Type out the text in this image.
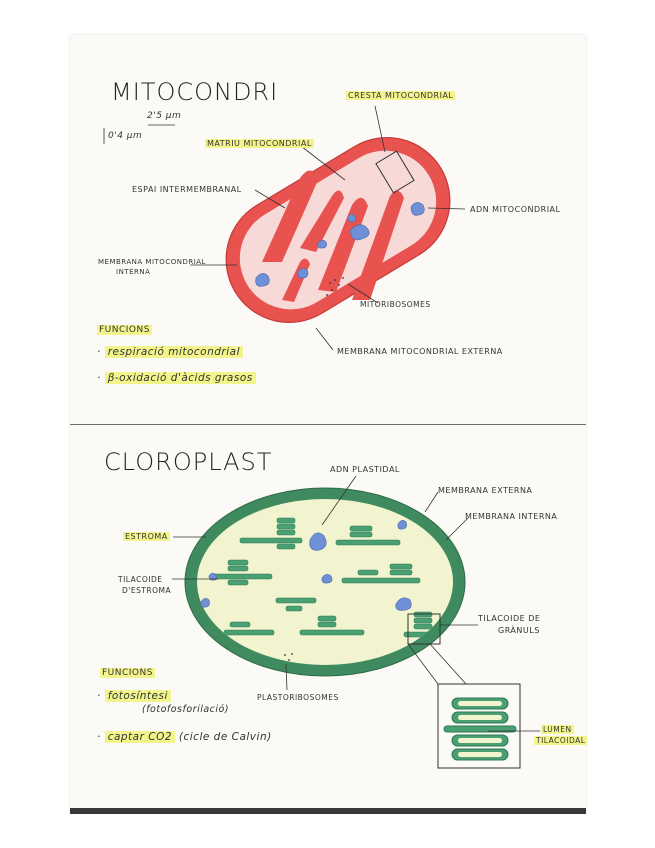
MITOCONDRI
2'5 µm
0'4 µm
CRESTA MITOCONDRIAL
MATRIU MITOCONDRIAL
ESPAI INTERMEMBRANAL
ADN MITOCONDRIAL
MEMBRANA MITOCONDRIAL
INTERNA
MITORIBOSOMES
MEMBRANA MITOCONDRIAL EXTERNA
FUNCIONS
· respiració mitocondrial
· β-oxidació d'àcids grasos
CLOROPLAST	ADN PLASTIDAL
MEMBRANA EXTERNA
MEMBRANA INTERNA
ESTROMA
TILACOIDE
D'ESTROMA
TILACOIDE DE
GRÀNULS
PLASTORIBOSOMES
LUMEN
TILACOIDAL
FUNCIONS
· fotosíntesi
(fotofosforilació)
· captar CO2 (cicle de Calvin)
